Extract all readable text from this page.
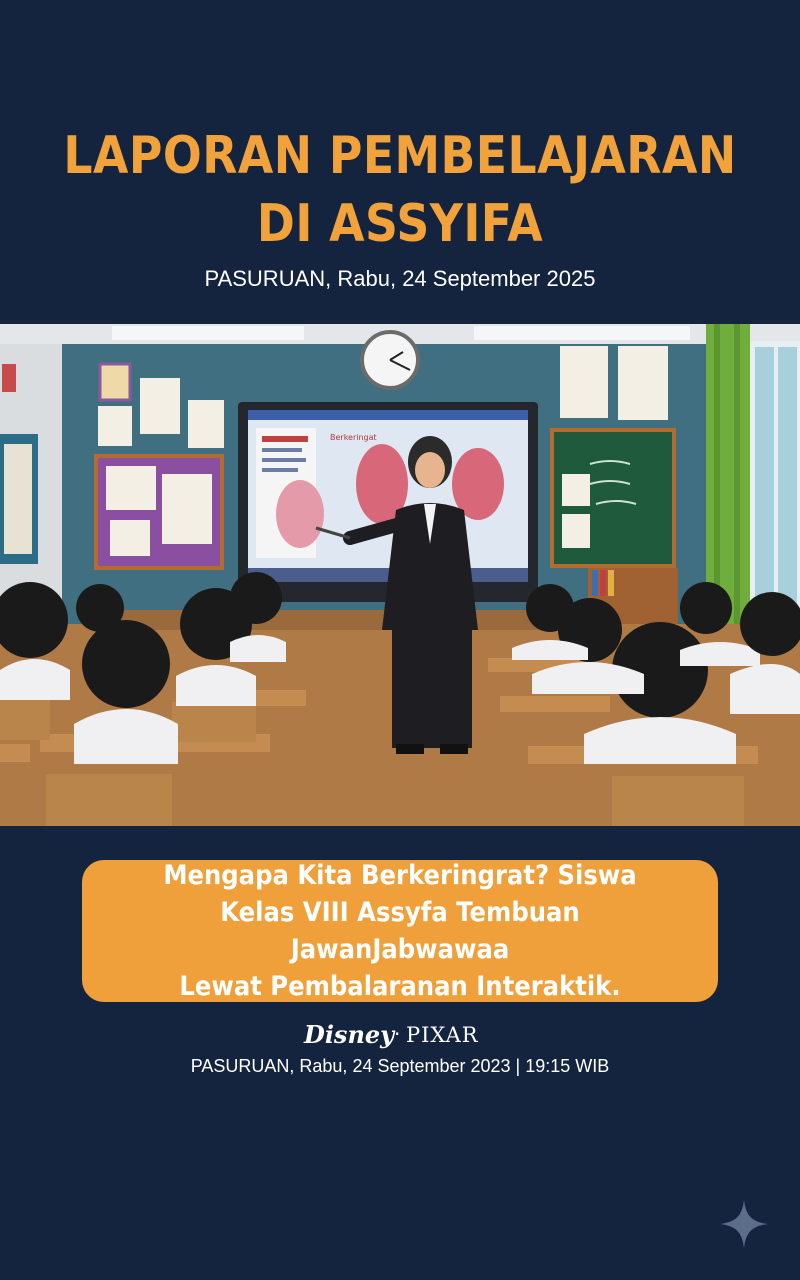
LAPORAN PEMBELAJARAN
DI ASSYIFA
PASURUAN, Rabu, 24 September 2025
Berkeringat
Mengapa Kita Berkeringrat? Siswa
Kelas VIII Assyfa Tembuan JawanJabwawaa
Lewat Pembalaranan Interaktik.
Disney · PIXAR
PASURUAN, Rabu, 24 September 2023 | 19:15 WIB
